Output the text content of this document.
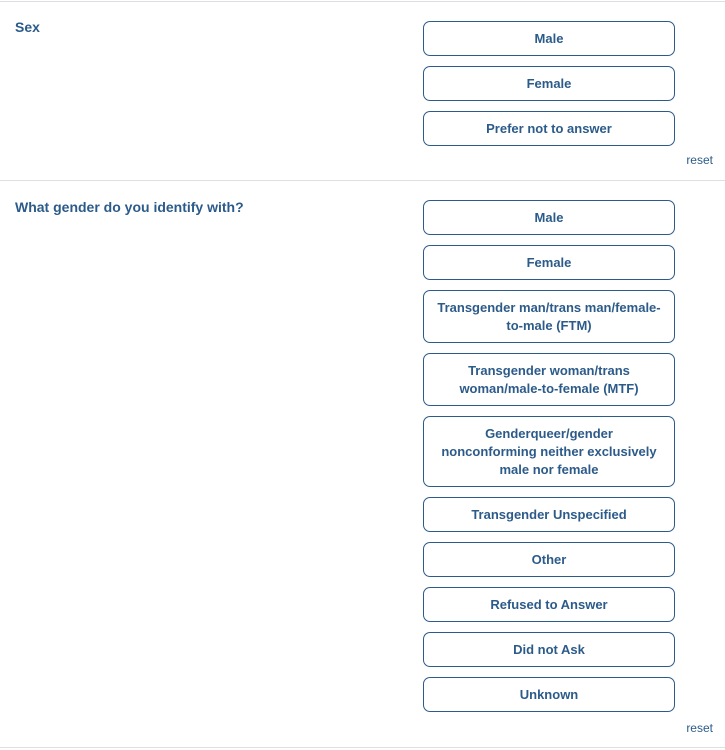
Sex
Male
Female
Prefer not to answer
reset
What gender do you identify with?
Male
Female
Transgender man/trans man/female-to-male (FTM)
Transgender woman/trans woman/male-to-female (MTF)
Genderqueer/gender nonconforming neither exclusively male nor female
Transgender Unspecified
Other
Refused to Answer
Did not Ask
Unknown
reset
